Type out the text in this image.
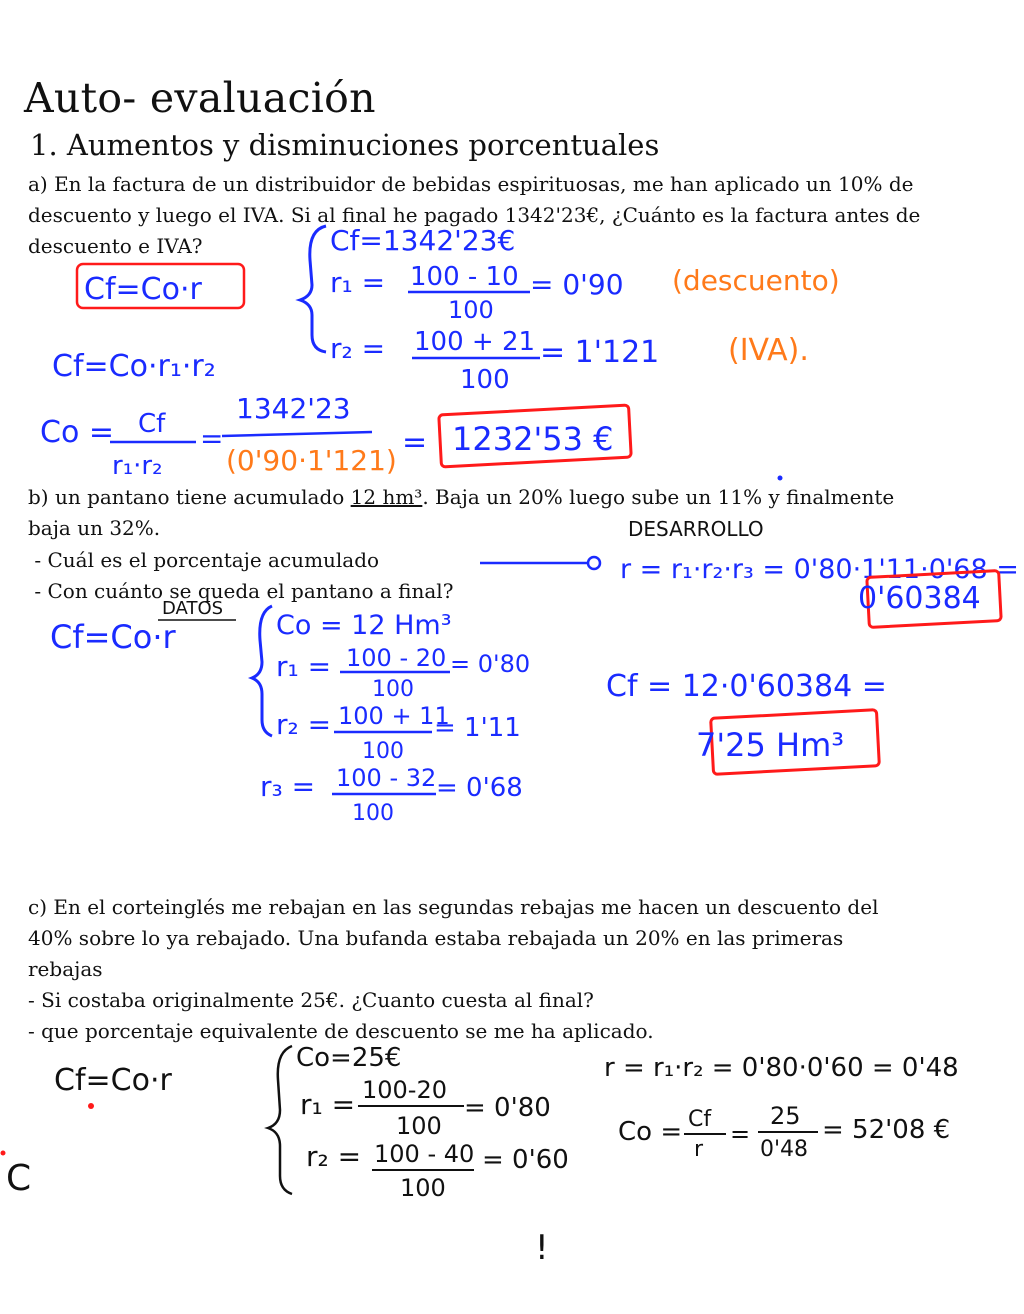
Auto- evaluación
1. Aumentos y disminuciones porcentuales
a) En la factura de un distribuidor de bebidas espirituosas, me han aplicado un 10% de
descuento y luego el IVA. Si al final he pagado 1342'23€, ¿Cuánto es la factura antes de
descuento e IVA?
b) un pantano tiene acumulado 12 hm³. Baja un 20% luego sube un 11% y finalmente
baja un 32%.
- Cuál es el porcentaje acumulado
- Con cuánto se queda el pantano a final?
c) En el corteinglés me rebajan en las segundas rebajas me hacen un descuento del
40% sobre lo ya rebajado. Una bufanda estaba rebajada un 20% en las primeras
rebajas
- Si costaba originalmente 25€. ¿Cuanto cuesta al final?
- que porcentaje equivalente de descuento se me ha aplicado.
Cf=Co·r
Cf=1342'23€
r₁ = 100 - 10
100
= 0'90 (descuento)
r₂ = 100 + 21
100
= 1'121 (IVA).
Cf=Co·r₁·r₂
Co = Cf
r₁·r₂
=
1342'23
(0'90·1'121)
= 1232'53 €
DESARROLLO
r = r₁·r₂·r₃ = 0'80·1'11·0'68 =
0'60384
DATOS
Cf=Co·r	Co = 12 Hm³
r₁ = 100 - 20
100
= 0'80
r₂ = 100 + 11
100
= 1'11
r₃ = 100 - 32
100
= 0'68
Cf = 12·0'60384 =
7'25 Hm³
Cf=Co·r
Co=25€
r₁ = 100-20
100
= 0'80
r₂ = 100 - 40
100
= 0'60
r = r₁·r₂ = 0'80·0'60 = 0'48
Co = Cf
r
=
25
0'48
= 52'08 €
C
!
